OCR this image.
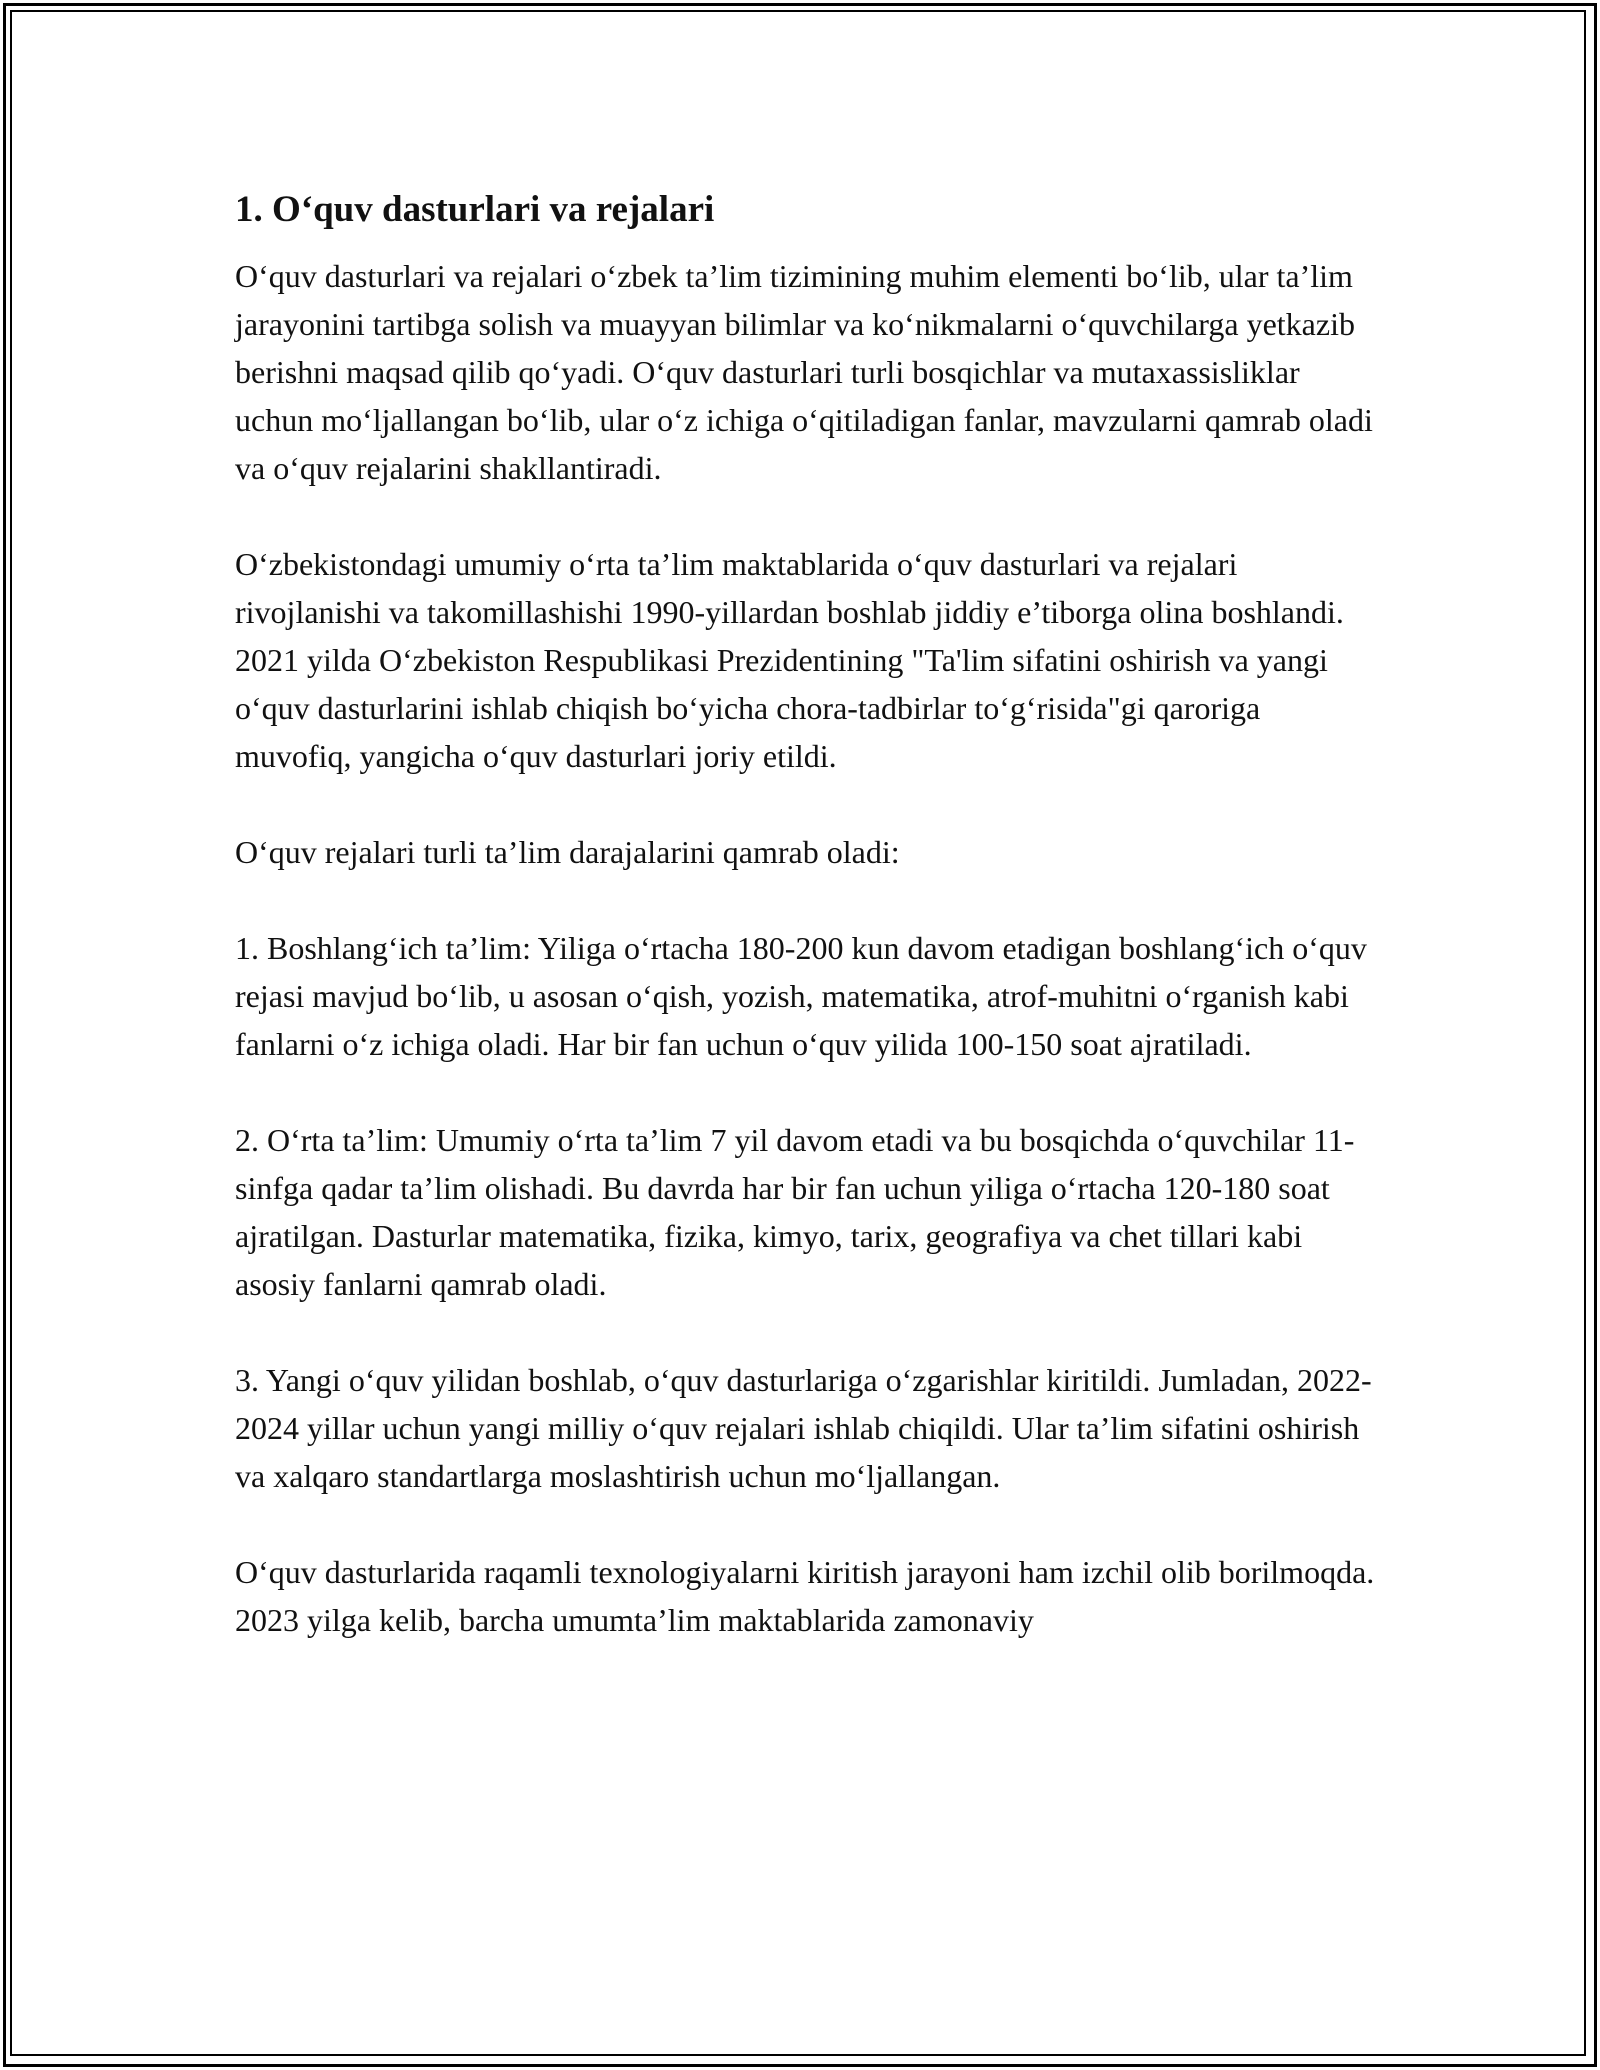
1. O‘quv dasturlari va rejalari

O‘quv dasturlari va rejalari o‘zbek ta’lim tizimining muhim elementi bo‘lib, ular ta’lim jarayonini tartibga solish va muayyan bilimlar va ko‘nikmalarni o‘quvchilarga yetkazib berishni maqsad qilib qo‘yadi. O‘quv dasturlari turli bosqichlar va mutaxassisliklar uchun mo‘ljallangan bo‘lib, ular o‘z ichiga o‘qitiladigan fanlar, mavzularni qamrab oladi va o‘quv rejalarini shakllantiradi.

O‘zbekistondagi umumiy o‘rta ta’lim maktablarida o‘quv dasturlari va rejalari rivojlanishi va takomillashishi 1990-yillardan boshlab jiddiy e’tiborga olina boshlandi. 2021 yilda O‘zbekiston Respublikasi Prezidentining "Ta'lim sifatini oshirish va yangi o‘quv dasturlarini ishlab chiqish bo‘yicha chora-tadbirlar to‘g‘risida"gi qaroriga muvofiq, yangicha o‘quv dasturlari joriy etildi.

O‘quv rejalari turli ta’lim darajalarini qamrab oladi:

1. Boshlang‘ich ta’lim: Yiliga o‘rtacha 180-200 kun davom etadigan boshlang‘ich o‘quv rejasi mavjud bo‘lib, u asosan o‘qish, yozish, matematika, atrof-muhitni o‘rganish kabi fanlarni o‘z ichiga oladi. Har bir fan uchun o‘quv yilida 100-150 soat ajratiladi.

2. O‘rta ta’lim: Umumiy o‘rta ta’lim 7 yil davom etadi va bu bosqichda o‘quvchilar 11-sinfga qadar ta’lim olishadi. Bu davrda har bir fan uchun yiliga o‘rtacha 120-180 soat ajratilgan. Dasturlar matematika, fizika, kimyo, tarix, geografiya va chet tillari kabi asosiy fanlarni qamrab oladi.

3. Yangi o‘quv yilidan boshlab, o‘quv dasturlariga o‘zgarishlar kiritildi. Jumladan, 2022-2024 yillar uchun yangi milliy o‘quv rejalari ishlab chiqildi. Ular ta’lim sifatini oshirish va xalqaro standartlarga moslashtirish uchun mo‘ljallangan.

O‘quv dasturlarida raqamli texnologiyalarni kiritish jarayoni ham izchil olib borilmoqda. 2023 yilga kelib, barcha umumta’lim maktablarida zamonaviy
